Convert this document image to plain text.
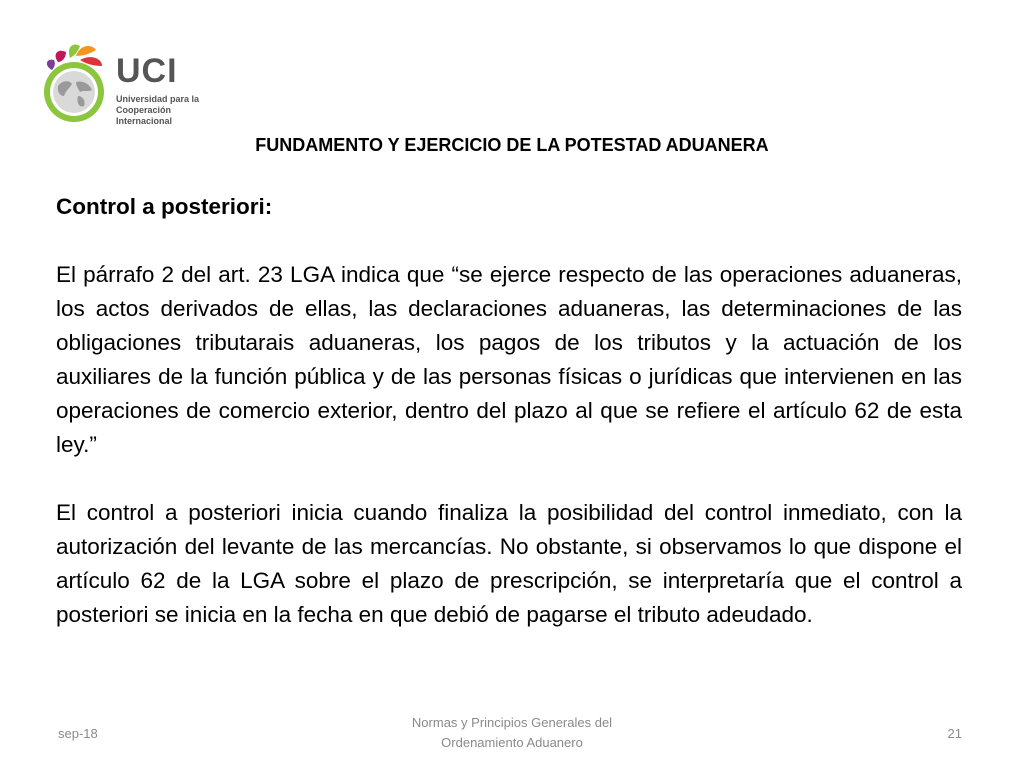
UCI
Universidad para la
Cooperación Internacional
FUNDAMENTO Y EJERCICIO DE LA POTESTAD ADUANERA
Control a posteriori:

El párrafo 2 del art. 23 LGA indica que “se ejerce respecto de las operaciones aduaneras, los actos derivados de ellas, las declaraciones aduaneras, las determinaciones de las obligaciones tributarais aduaneras, los pagos de los tributos y la actuación de los auxiliares de la función pública y de las personas físicas o jurídicas que intervienen en las operaciones de comercio exterior, dentro del plazo al que se refiere el artículo 62 de esta ley.”

El control a posteriori inicia cuando finaliza la posibilidad del control inmediato, con la autorización del levante de las mercancías. No obstante, si observamos lo que dispone el artículo 62 de la LGA sobre el plazo de prescripción, se interpretaría que el control a posteriori se inicia en la fecha en que debió de pagarse el tributo adeudado.

sep-18
Normas y Principios Generales del
Ordenamiento Aduanero
21
